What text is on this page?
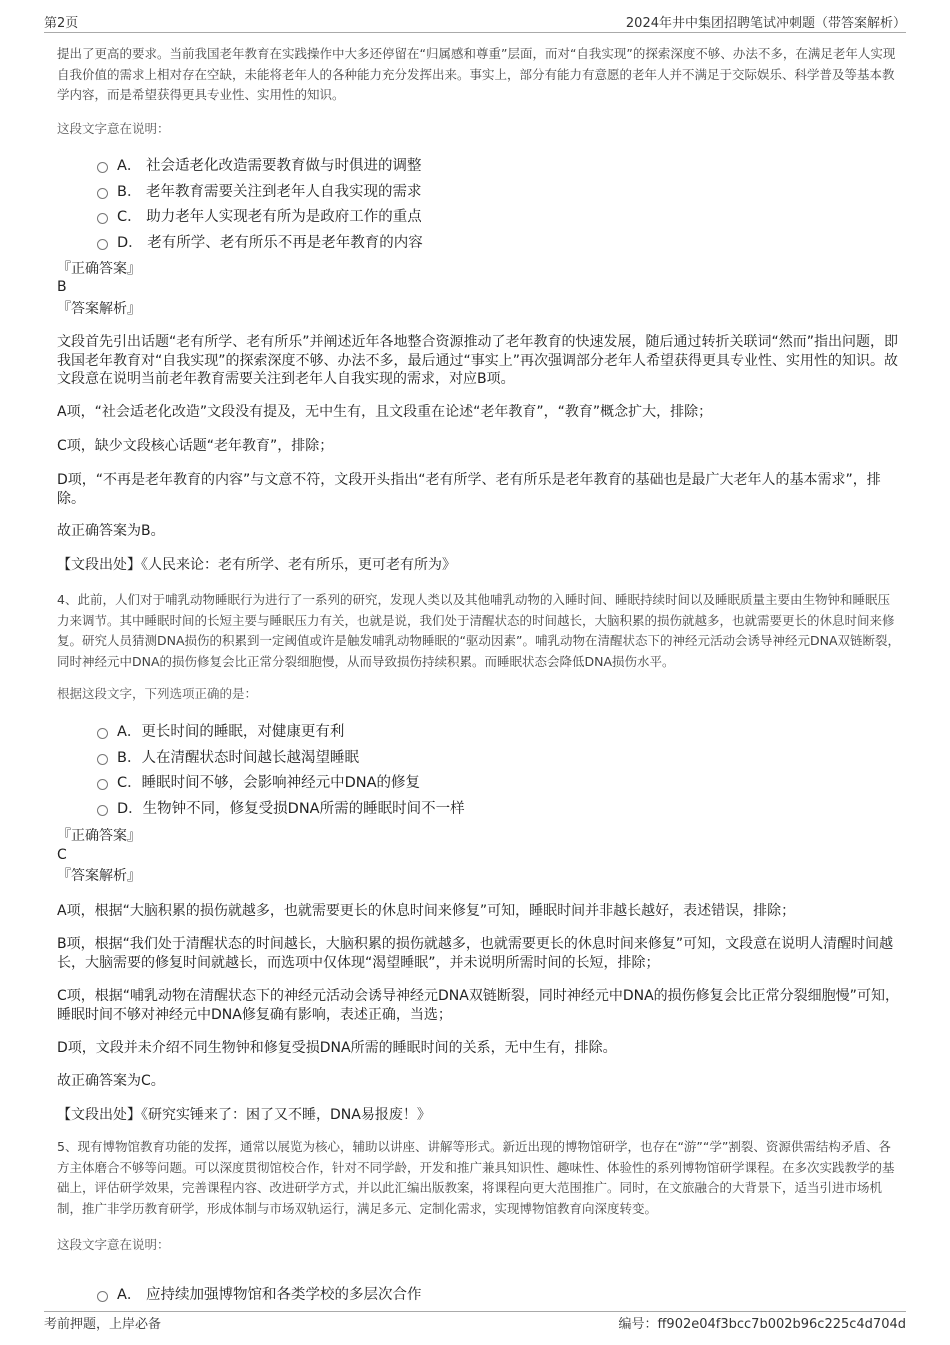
第2页	2024年井中集团招聘笔试冲刺题（带答案解析）
提出了更高的要求。当前我国老年教育在实践操作中大多还停留在“归属感和尊重”层面，而对“自我实现”的探索深度不够、办法不多，在满足老年人实现自我价值的需求上相对存在空缺，未能将老年人的各种能力充分发挥出来。事实上，部分有能力有意愿的老年人并不满足于交际娱乐、科学普及等基本教学内容，而是希望获得更具专业性、实用性的知识。
这段文字意在说明：
A． 社会适老化改造需要教育做与时俱进的调整
B． 老年教育需要关注到老年人自我实现的需求
C． 助力老年人实现老有所为是政府工作的重点
D． 老有所学、老有所乐不再是老年教育的内容
『正确答案』
B
『答案解析』
文段首先引出话题“老有所学、老有所乐”并阐述近年各地整合资源推动了老年教育的快速发展，随后通过转折关联词“然而”指出问题，即我国老年教育对“自我实现”的探索深度不够、办法不多，最后通过“事实上”再次强调部分老年人希望获得更具专业性、实用性的知识。故文段意在说明当前老年教育需要关注到老年人自我实现的需求，对应B项。
A项，“社会适老化改造”文段没有提及，无中生有，且文段重在论述“老年教育”，“教育”概念扩大，排除；
C项，缺少文段核心话题“老年教育”，排除；
D项，“不再是老年教育的内容”与文意不符，文段开头指出“老有所学、老有所乐是老年教育的基础也是最广大老年人的基本需求”，排除。
故正确答案为B。
【文段出处】《人民来论：老有所学、老有所乐，更可老有所为》
4、此前，人们对于哺乳动物睡眠行为进行了一系列的研究，发现人类以及其他哺乳动物的入睡时间、睡眠持续时间以及睡眠质量主要由生物钟和睡眠压力来调节。其中睡眠时间的长短主要与睡眠压力有关，也就是说，我们处于清醒状态的时间越长，大脑积累的损伤就越多，也就需要更长的休息时间来修复。研究人员猜测DNA损伤的积累到一定阈值或许是触发哺乳动物睡眠的“驱动因素”。哺乳动物在清醒状态下的神经元活动会诱导神经元DNA双链断裂，同时神经元中DNA的损伤修复会比正常分裂细胞慢，从而导致损伤持续积累。而睡眠状态会降低DNA损伤水平。
根据这段文字，下列选项正确的是：
A．更长时间的睡眠，对健康更有利
B．人在清醒状态时间越长越渴望睡眠
C．睡眠时间不够，会影响神经元中DNA的修复
D．生物钟不同，修复受损DNA所需的睡眠时间不一样
『正确答案』
C
『答案解析』
A项，根据“大脑积累的损伤就越多，也就需要更长的休息时间来修复”可知，睡眠时间并非越长越好，表述错误，排除；
B项，根据“我们处于清醒状态的时间越长，大脑积累的损伤就越多，也就需要更长的休息时间来修复”可知，文段意在说明人清醒时间越长，大脑需要的修复时间就越长，而选项中仅体现“渴望睡眠”，并未说明所需时间的长短，排除；
C项，根据“哺乳动物在清醒状态下的神经元活动会诱导神经元DNA双链断裂，同时神经元中DNA的损伤修复会比正常分裂细胞慢”可知，睡眠时间不够对神经元中DNA修复确有影响，表述正确，当选；
D项，文段并未介绍不同生物钟和修复受损DNA所需的睡眠时间的关系，无中生有，排除。
故正确答案为C。
【文段出处】《研究实锤来了：困了又不睡，DNA易报废！》
5、现有博物馆教育功能的发挥，通常以展览为核心，辅助以讲座、讲解等形式。新近出现的博物馆研学，也存在“游”“学”割裂、资源供需结构矛盾、各方主体磨合不够等问题。可以深度贯彻馆校合作，针对不同学龄，开发和推广兼具知识性、趣味性、体验性的系列博物馆研学课程。在多次实践教学的基础上，评估研学效果，完善课程内容、改进研学方式，并以此汇编出版教案，将课程向更大范围推广。同时，在文旅融合的大背景下，适当引进市场机制，推广非学历教育研学，形成体制与市场双轨运行，满足多元、定制化需求，实现博物馆教育向深度转变。
这段文字意在说明：
A． 应持续加强博物馆和各类学校的多层次合作
考前押题，上岸必备	编号：ff902e04f3bcc7b002b96c225c4d704d
